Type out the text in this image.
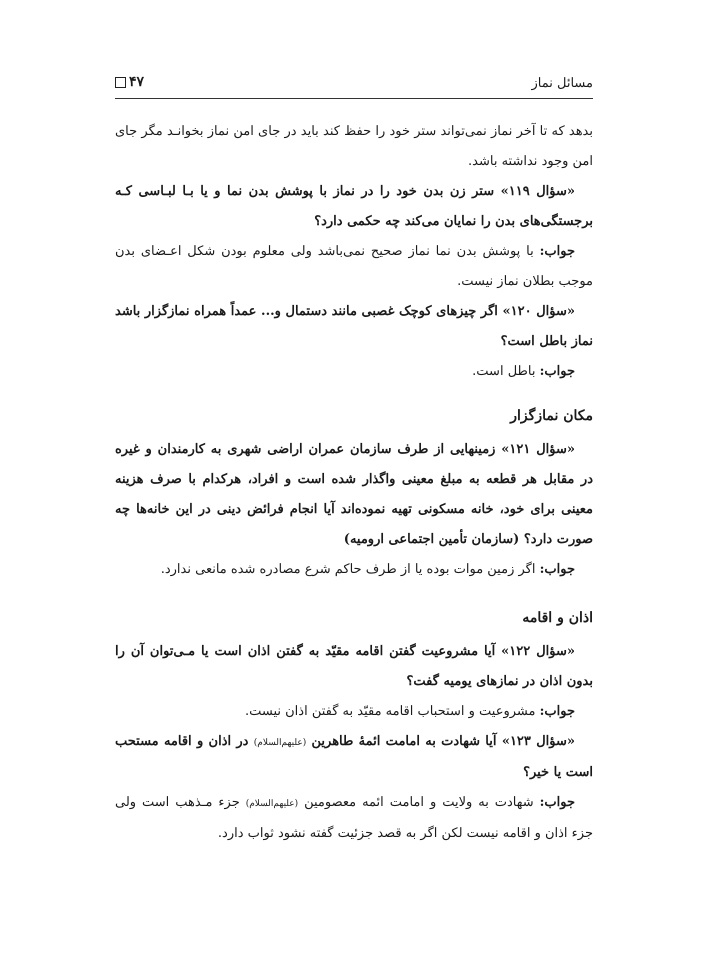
مسائل نماز
۴۷

بدهد که تا آخر نماز نمی‌تواند ستر خود را حفظ کند باید در جای امن نماز بخوانـد مگر جای امن وجود نداشته باشد.

«سؤال ۱۱۹» ستر زن بدن خود را در نماز با پوشش بدن نما و یا بـا لبـاسی کـه برجستگی‌های بدن را نمایان می‌کند چه حکمی دارد؟

جواب: با پوشش بدن نما نماز صحیح نمی‌باشد ولی معلوم بودن شکل اعـضای بدن موجب بطلان نماز نیست.

«سؤال ۱۲۰» اگر چیزهای کوچک غصبی مانند دستمال و... عمداً همراه نمازگزار باشد نماز باطل است؟

جواب: باطل است.

مکان نمازگزار

«سؤال ۱۲۱» زمینهایی از طرف سازمان عمران اراضی شهری به کارمندان و غیره در مقابل هر قطعه به مبلغ معینی واگذار شده است و افراد، هرکدام با صرف هزینه معینی برای خود، خانه مسکونی تهیه نموده‌اند آیا انجام فرائض دینی در این خانه‌ها چه صورت دارد؟ (سازمان تأمین اجتماعی ارومیه)

جواب: اگر زمین موات بوده یا از طرف حاکم شرع مصادره شده مانعی ندارد.

اذان و اقامه

«سؤال ۱۲۲» آیا مشروعیت گفتن اقامه مقیّد به گفتن اذان است یا مـی‌توان آن را بدون اذان در نمازهای یومیه گفت؟

جواب: مشروعیت و استحباب اقامه مقیّد به گفتن اذان نیست.

«سؤال ۱۲۳» آیا شهادت به امامت ائمهٔ طاهرین (علیهم‌السلام) در اذان و اقامه مستحب است یا خیر؟

جواب: شهادت به ولایت و امامت ائمه معصومین (علیهم‌السلام) جزء مـذهب است ولی جزء اذان و اقامه نیست لکن اگر به قصد جزئیت گفته نشود ثواب دارد.
